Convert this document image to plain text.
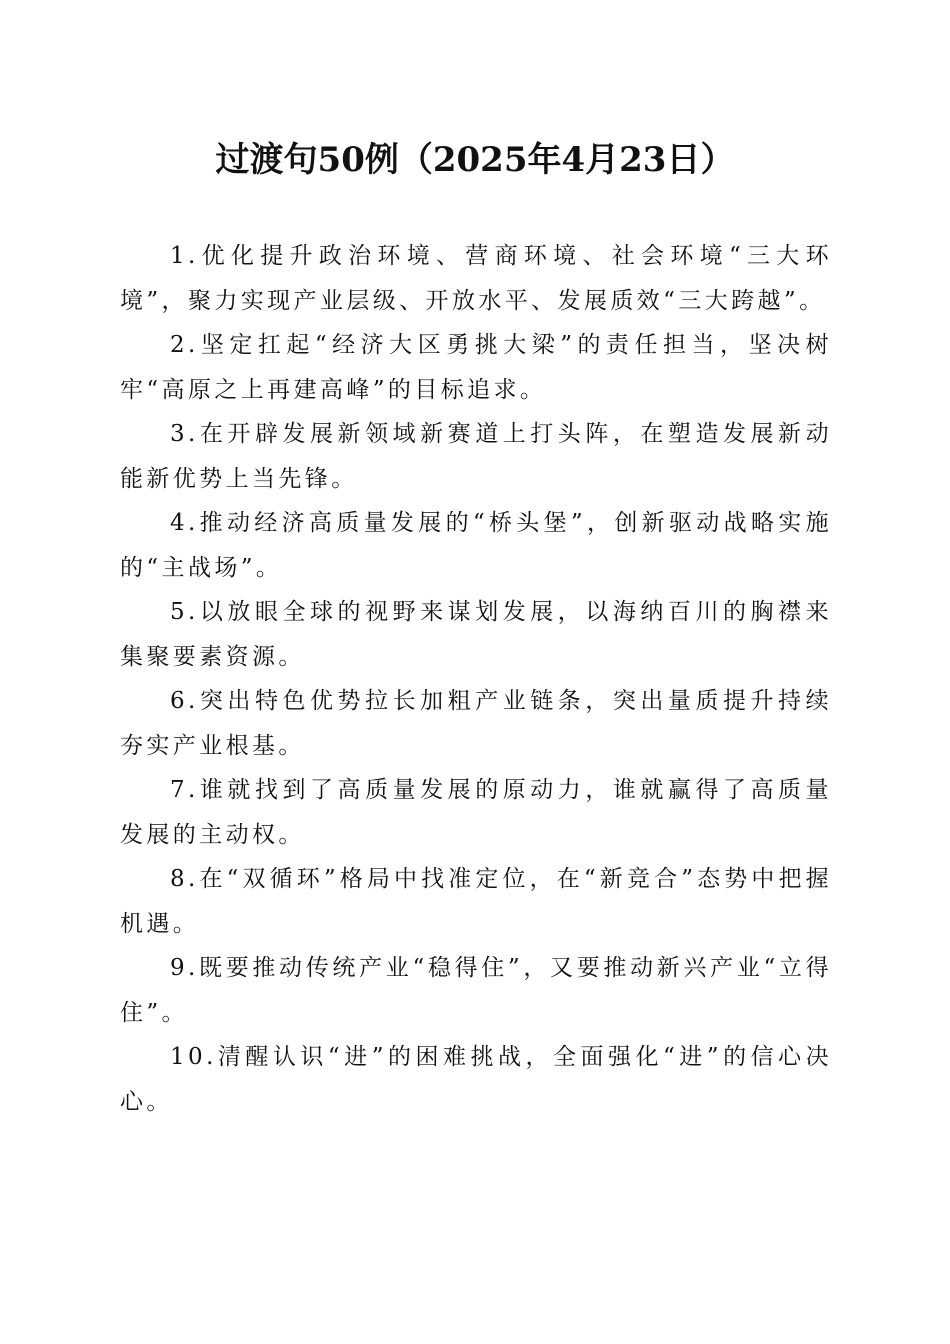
过渡句50例（2025年4月23日）

1.优化提升政治环境、营商环境、社会环境“三大环境”，聚力实现产业层级、开放水平、发展质效“三大跨越”。

2.坚定扛起“经济大区勇挑大梁”的责任担当，坚决树牢“高原之上再建高峰”的目标追求。

3.在开辟发展新领域新赛道上打头阵，在塑造发展新动能新优势上当先锋。

4.推动经济高质量发展的“桥头堡”，创新驱动战略实施的“主战场”。

5.以放眼全球的视野来谋划发展，以海纳百川的胸襟来集聚要素资源。

6.突出特色优势拉长加粗产业链条，突出量质提升持续夯实产业根基。

7.谁就找到了高质量发展的原动力，谁就赢得了高质量发展的主动权。

8.在“双循环”格局中找准定位，在“新竞合”态势中把握机遇。

9.既要推动传统产业“稳得住”，又要推动新兴产业“立得住”。

10.清醒认识“进”的困难挑战，全面强化“进”的信心决心。
